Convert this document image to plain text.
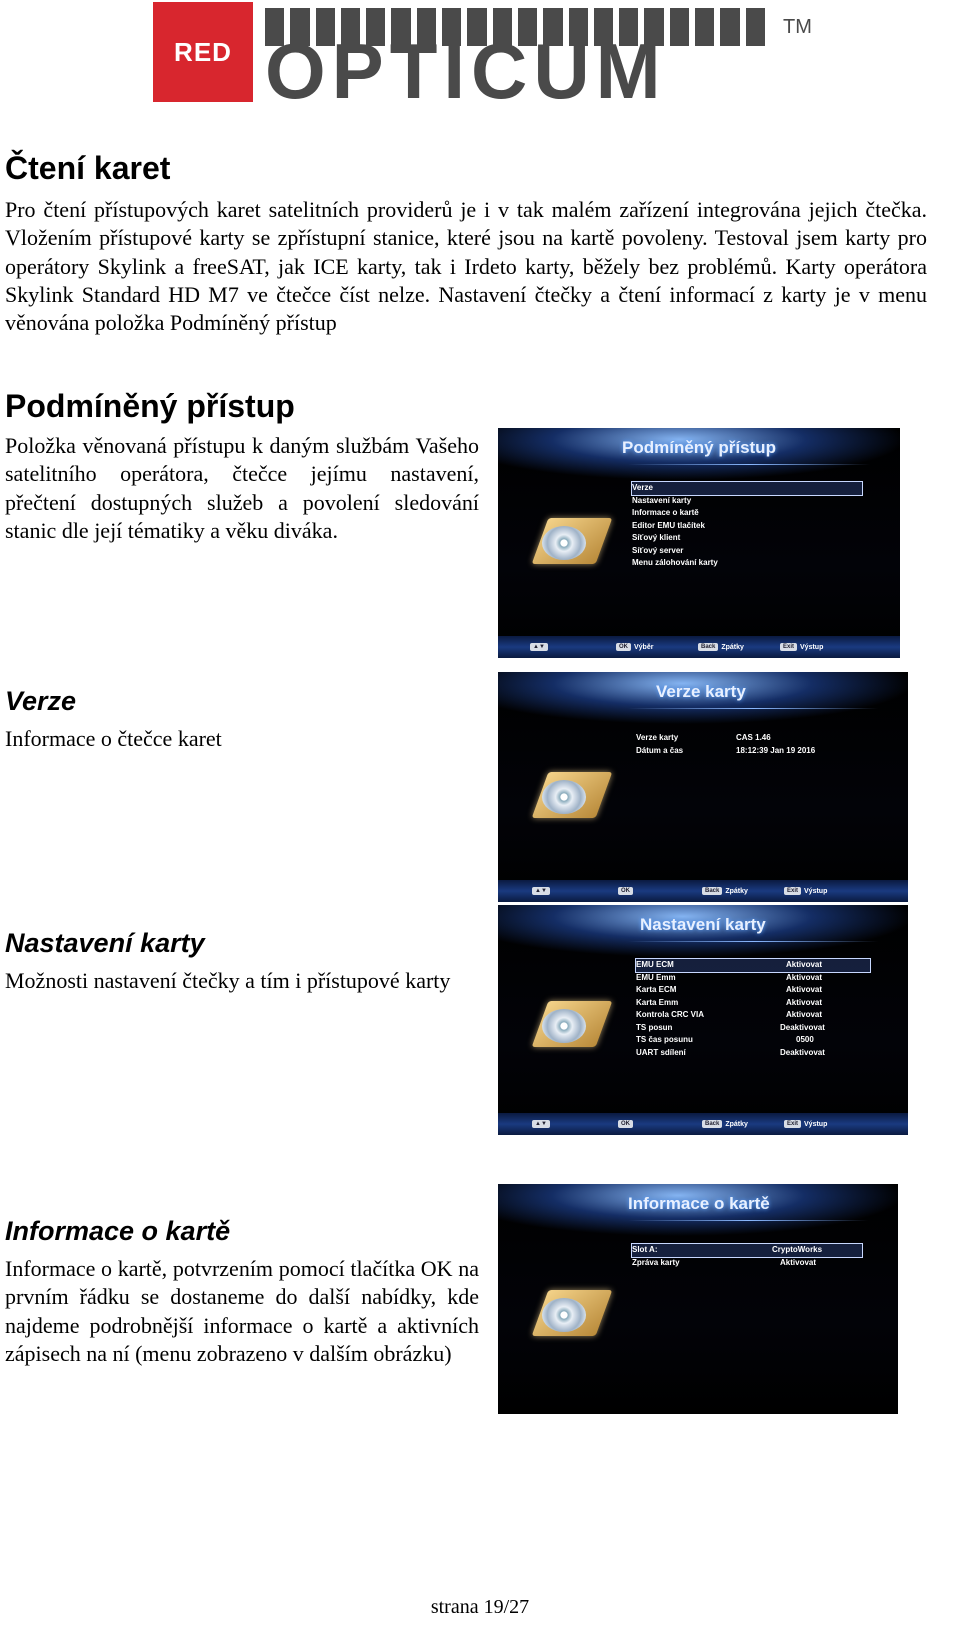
RED OPTICUM	TM
Čtení karet

Pro čtení přístupových karet satelitních providerů je i v tak malém zařízení integrována jejich čtečka. Vložením přístupové karty se zpřístupní stanice, které jsou na kartě povoleny. Testoval jsem karty pro operátory Skylink a freeSAT, jak ICE karty, tak i Irdeto karty, běžely bez problémů. Karty operátora Skylink Standard HD M7 ve čtečce číst nelze. Nastavení čtečky a čtení informací z karty je v menu věnována položka Podmíněný přístup

Podmíněný přístup

Položka věnovaná přístupu k daným službám Vašeho satelitního operátora, čtečce jejímu nastavení, přečtení dostupných služeb a povolení sledování stanic dle její tématiky a věku diváka.

Podmíněný přístup
Verze
Nastavení karty
Informace o kartě
Editor EMU tlačítek
Síťový klient
Síťový server
Menu zálohování karty
▲▼	OK Výběr	Back Zpátky	Exit Výstup
Verze

Informace o čtečce karet

Verze karty
Verze karty	CAS 1.46
Dátum a čas	18:12:39 Jan 19 2016
▲▼	OK	Back Zpátky	Exit Výstup
Nastavení karty

Možnosti nastavení čtečky a tím i přístupové karty

Nastavení karty
EMU ECM	Aktivovat
EMU Emm	Aktivovat
Karta ECM	Aktivovat
Karta Emm	Aktivovat
Kontrola CRC VIA	Aktivovat
TS posun	Deaktivovat
TS čas posunu	0500
UART sdílení	Deaktivovat
▲▼	OK	Back Zpátky	Exit Výstup
Informace o kartě

Informace o kartě, potvrzením pomocí tlačítka OK na prvním řádku se dostaneme do další nabídky, kde najdeme podrobnější informace o kartě a aktivních zápisech na ní (menu zobrazeno v dalším obrázku)

Informace o kartě
Slot A:	CryptoWorks
Zpráva karty	Aktivovat
strana 19/27
